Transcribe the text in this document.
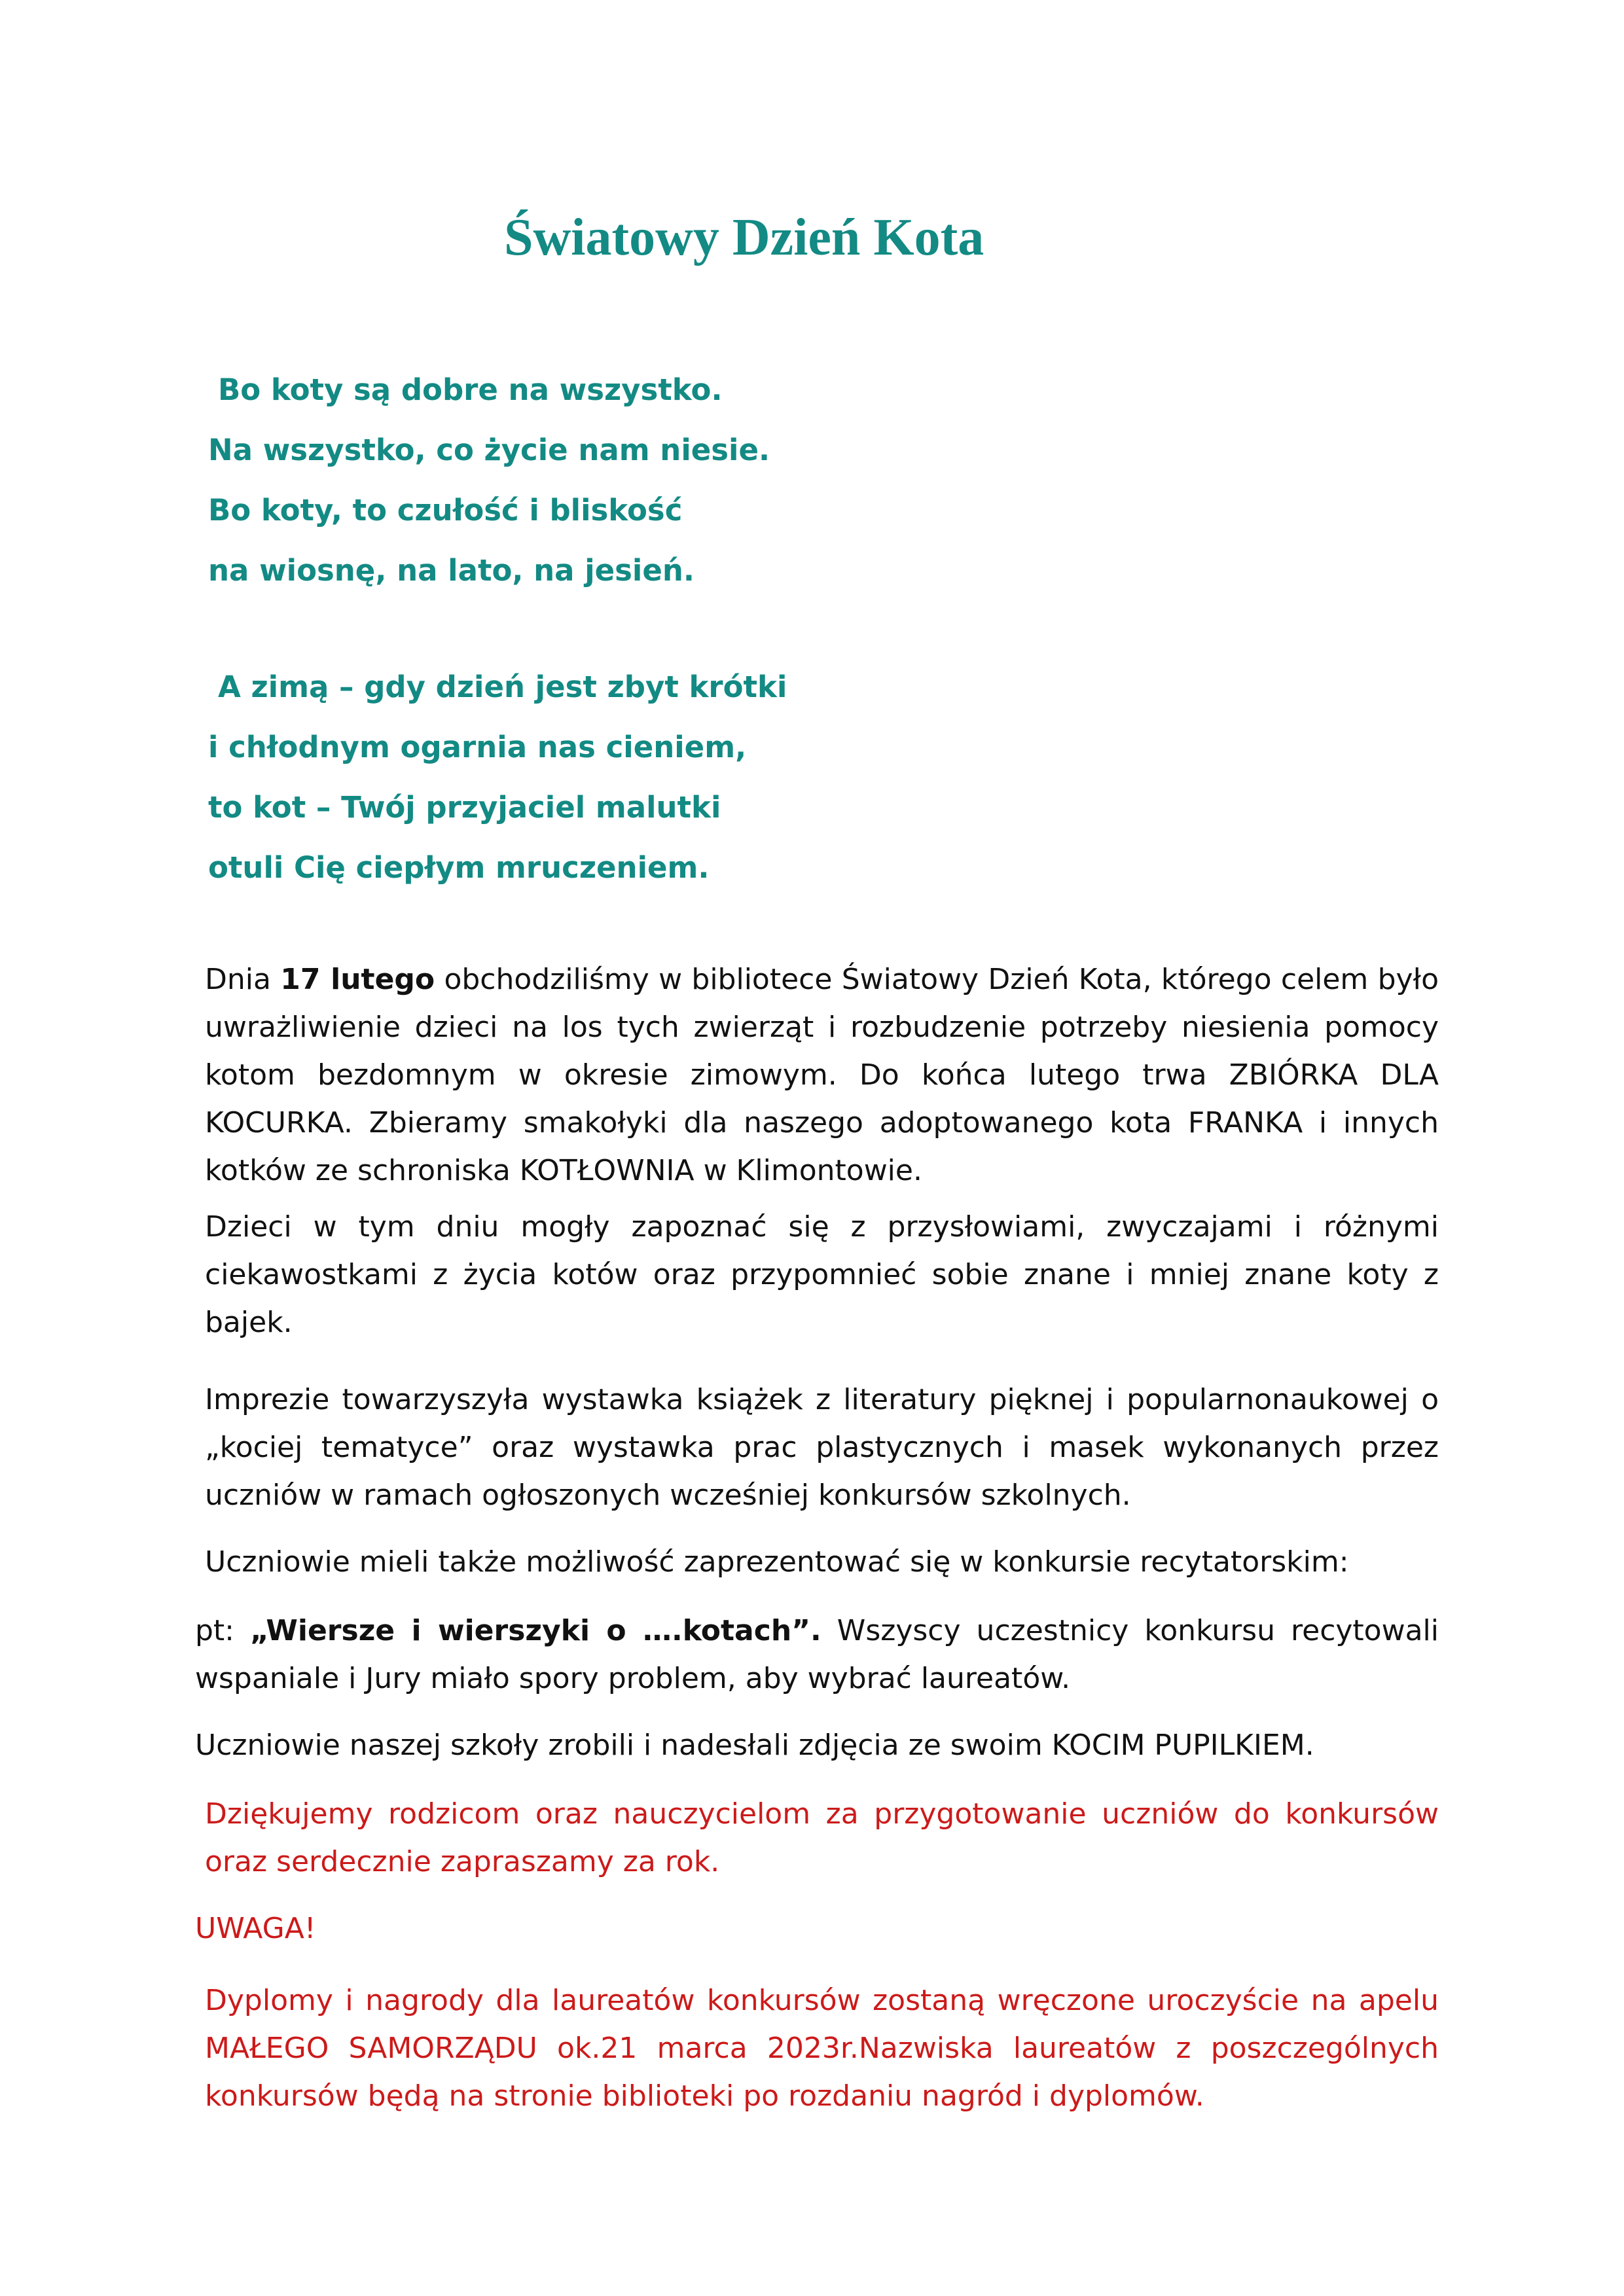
Światowy Dzień Kota
Bo koty są dobre na wszystko.
Na wszystko, co życie nam niesie.
Bo koty, to czułość i bliskość
na wiosnę, na lato, na jesień.
A zimą – gdy dzień jest zbyt krótki
i chłodnym ogarnia nas cieniem,
to kot – Twój przyjaciel malutki
otuli Cię ciepłym mruczeniem.

Dnia 17 lutego obchodziliśmy w bibliotece Światowy Dzień Kota, którego celem było uwrażliwienie dzieci na los tych zwierząt i rozbudzenie potrzeby niesienia pomocy kotom bezdomnym w okresie zimowym. Do końca lutego trwa ZBIÓRKA DLA KOCURKA. Zbieramy smakołyki dla naszego adoptowanego kota FRANKA i innych kotków ze schroniska KOTŁOWNIA w Klimontowie.

Dzieci w tym dniu mogły zapoznać się z przysłowiami, zwyczajami i różnymi ciekawostkami z życia kotów oraz przypomnieć sobie znane i mniej znane koty z bajek.

Imprezie towarzyszyła wystawka książek z literatury pięknej i popularnonaukowej o „kociej tematyce” oraz wystawka prac plastycznych i masek wykonanych przez uczniów w ramach ogłoszonych wcześniej konkursów szkolnych.

Uczniowie mieli także możliwość zaprezentować się w konkursie recytatorskim:

pt: „Wiersze i wierszyki o ….kotach”. Wszyscy uczestnicy konkursu recytowali wspaniale i Jury miało spory problem, aby wybrać laureatów.

Uczniowie naszej szkoły zrobili i nadesłali zdjęcia ze swoim KOCIM PUPILKIEM.

Dziękujemy rodzicom oraz nauczycielom za przygotowanie uczniów do konkursów oraz serdecznie zapraszamy za rok.

UWAGA!

Dyplomy i nagrody dla laureatów konkursów zostaną wręczone uroczyście na apelu MAŁEGO SAMORZĄDU ok.21 marca 2023r.Nazwiska laureatów z poszczególnych konkursów będą na stronie biblioteki po rozdaniu nagród i dyplomów.
